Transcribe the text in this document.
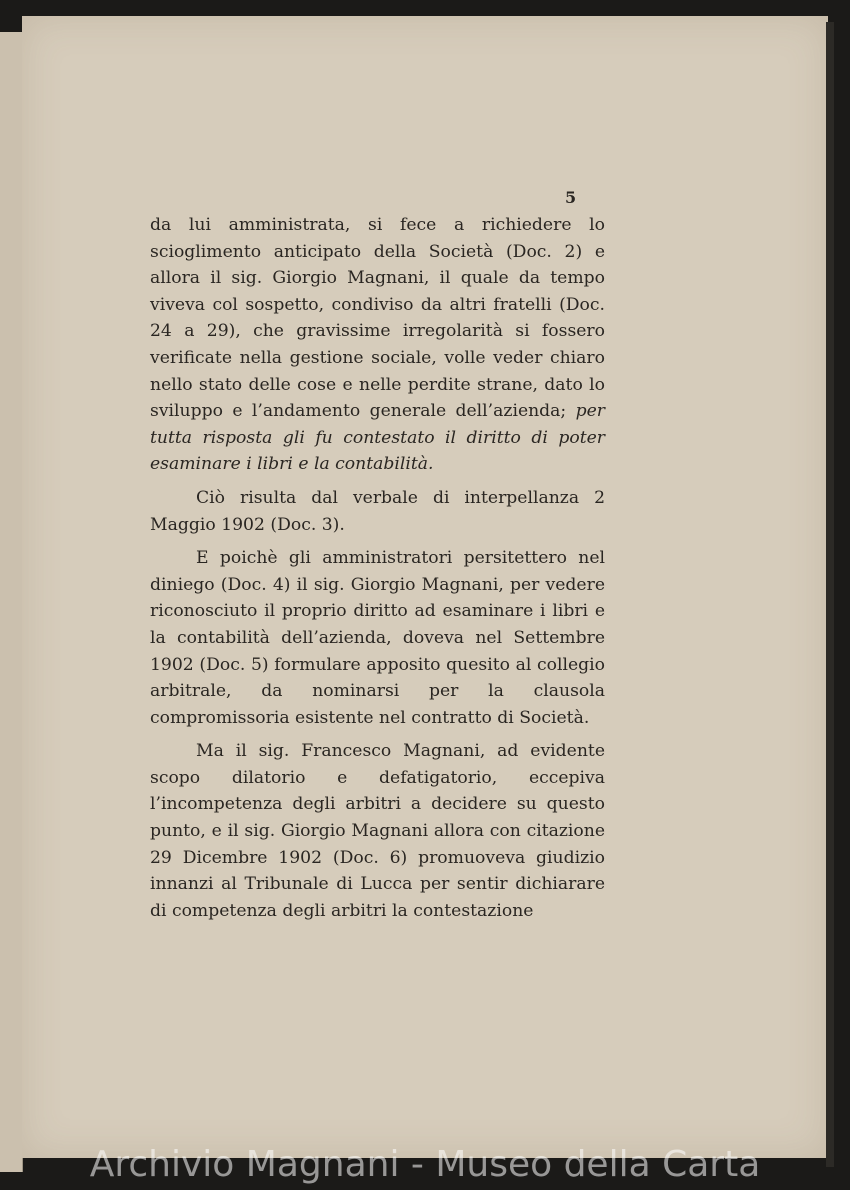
5

da lui amministrata, si fece a richiedere lo scioglimento anticipato della Società (Doc. 2) e allora il sig. Giorgio Magnani, il quale da tempo viveva col sospetto, condiviso da altri fratelli (Doc. 24 a 29), che gravissime irregolarità si fossero verificate nella gestione sociale, volle veder chiaro nello stato delle cose e nelle perdite strane, dato lo sviluppo e l’andamento generale dell’azienda; per tutta risposta gli fu contestato il diritto di poter esaminare i libri e la contabilità.

Ciò risulta dal verbale di interpellanza 2 Maggio 1902 (Doc. 3).

E poichè gli amministratori persitettero nel diniego (Doc. 4) il sig. Giorgio Magnani, per vedere riconosciuto il proprio diritto ad esaminare i libri e la contabilità dell’azienda, doveva nel Settembre 1902 (Doc. 5) formulare apposito quesito al collegio arbitrale, da nominarsi per la clausola compromissoria esistente nel contratto di Società.

Ma il sig. Francesco Magnani, ad evidente scopo dilatorio e defatigatorio, eccepiva l’incompetenza degli arbitri a decidere su questo punto, e il sig. Giorgio Magnani allora con citazione 29 Dicembre 1902 (Doc. 6) promuoveva giudizio innanzi al Tribunale di Lucca per sentir dichiarare di competenza degli arbitri la contestazione

Archivio Magnani - Museo della Carta
